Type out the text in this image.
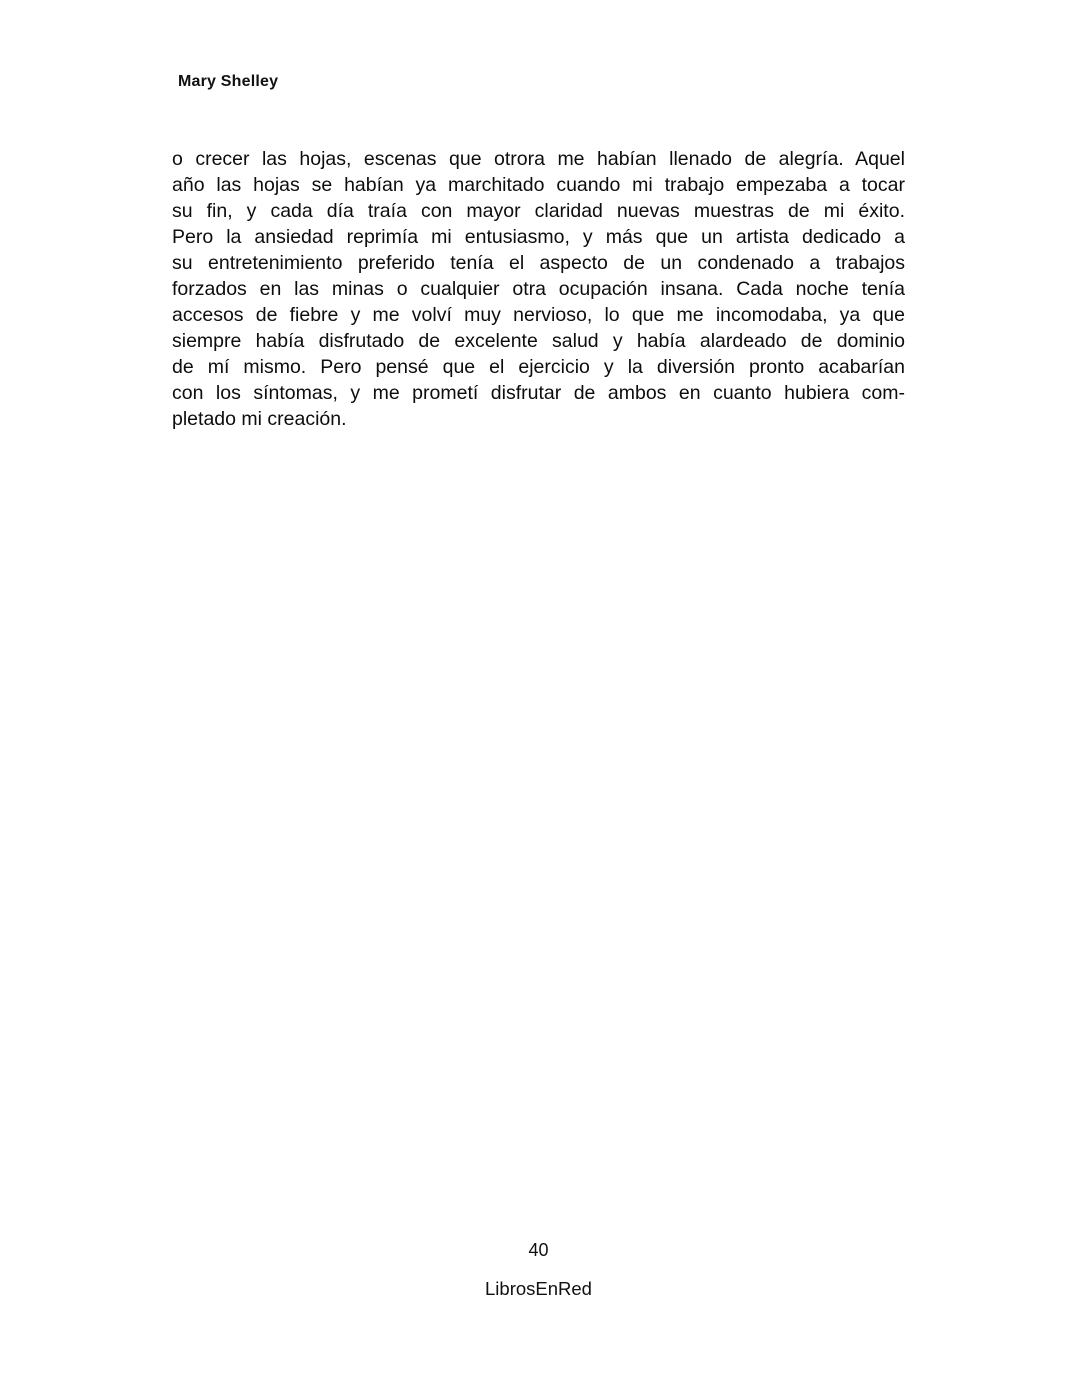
Mary Shelley
o crecer las hojas, escenas que otrora me habían llenado de alegría. Aquel
año las hojas se habían ya marchitado cuando mi trabajo empezaba a tocar
su fin, y cada día traía con mayor claridad nuevas muestras de mi éxito.
Pero la ansiedad reprimía mi entusiasmo, y más que un artista dedicado a
su entretenimiento preferido tenía el aspecto de un condenado a trabajos
forzados en las minas o cualquier otra ocupación insana. Cada noche tenía
accesos de fiebre y me volví muy nervioso, lo que me incomodaba, ya que
siempre había disfrutado de excelente salud y había alardeado de dominio
de mí mismo. Pero pensé que el ejercicio y la diversión pronto acabarían
con los síntomas, y me prometí disfrutar de ambos en cuanto hubiera com-
pletado mi creación.
40
LibrosEnRed
